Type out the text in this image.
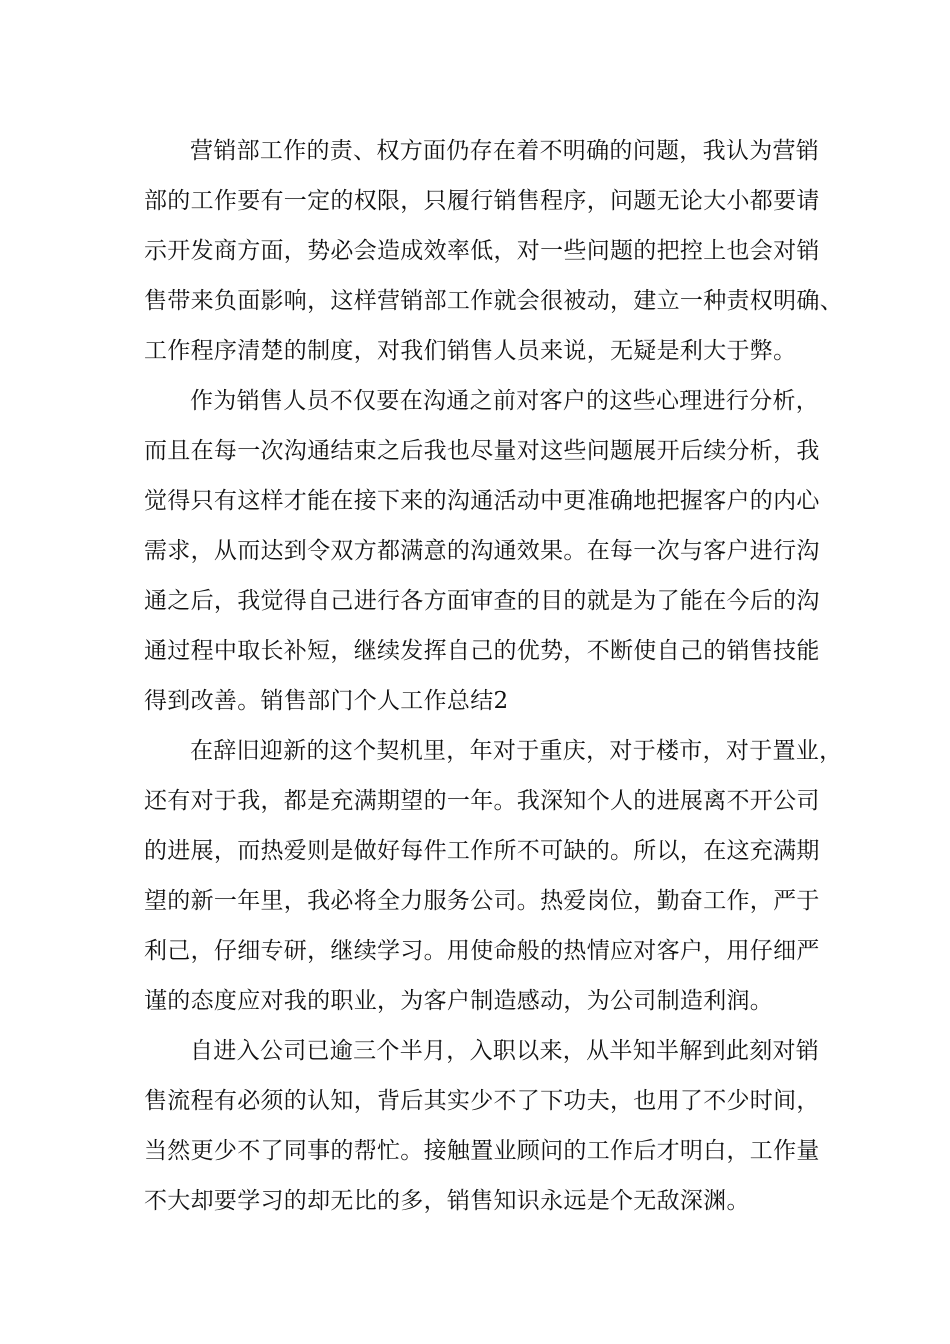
营销部工作的责、权方面仍存在着不明确的问题，我认为营销
部的工作要有一定的权限，只履行销售程序，问题无论大小都要请
示开发商方面，势必会造成效率低，对一些问题的把控上也会对销
售带来负面影响，这样营销部工作就会很被动，建立一种责权明确、
工作程序清楚的制度，对我们销售人员来说，无疑是利大于弊。
作为销售人员不仅要在沟通之前对客户的这些心理进行分析，
而且在每一次沟通结束之后我也尽量对这些问题展开后续分析，我
觉得只有这样才能在接下来的沟通活动中更准确地把握客户的内心
需求，从而达到令双方都满意的沟通效果。在每一次与客户进行沟
通之后，我觉得自己进行各方面审查的目的就是为了能在今后的沟
通过程中取长补短，继续发挥自己的优势，不断使自己的销售技能
得到改善。销售部门个人工作总结2
在辞旧迎新的这个契机里，年对于重庆，对于楼市，对于置业，
还有对于我，都是充满期望的一年。我深知个人的进展离不开公司
的进展，而热爱则是做好每件工作所不可缺的。所以，在这充满期
望的新一年里，我必将全力服务公司。热爱岗位，勤奋工作，严于
利己，仔细专研，继续学习。用使命般的热情应对客户，用仔细严
谨的态度应对我的职业，为客户制造感动，为公司制造利润。
自进入公司已逾三个半月，入职以来，从半知半解到此刻对销
售流程有必须的认知，背后其实少不了下功夫，也用了不少时间，
当然更少不了同事的帮忙。接触置业顾问的工作后才明白，工作量
不大却要学习的却无比的多，销售知识永远是个无敌深渊。
